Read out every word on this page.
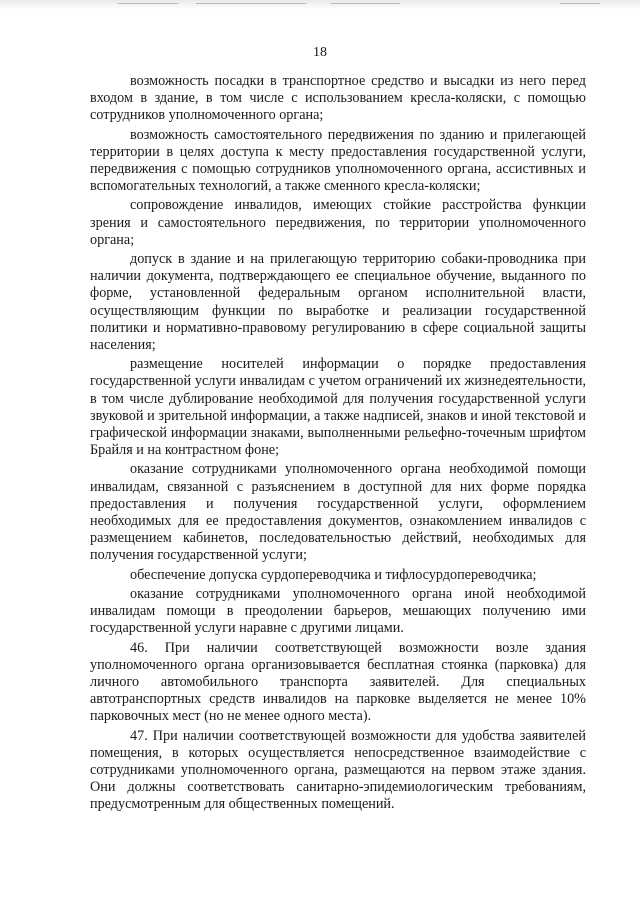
18

возможность посадки в транспортное средство и высадки из него перед входом в здание, в том числе с использованием кресла-коляски, с помощью сотрудников уполномоченного органа;

возможность самостоятельного передвижения по зданию и прилегающей территории в целях доступа к месту предоставления государственной услуги, передвижения с помощью сотрудников уполномоченного органа, ассистивных и вспомогательных технологий, а также сменного кресла-коляски;

сопровождение инвалидов, имеющих стойкие расстройства функции зрения и самостоятельного передвижения, по территории уполномоченного органа;

допуск в здание и на прилегающую территорию собаки-проводника при наличии документа, подтверждающего ее специальное обучение, выданного по форме, установленной федеральным органом исполнительной власти, осуществляющим функции по выработке и реализации государственной политики и нормативно-правовому регулированию в сфере социальной защиты населения;

размещение носителей информации о порядке предоставления государственной услуги инвалидам с учетом ограничений их жизнедеятельности, в том числе дублирование необходимой для получения государственной услуги звуковой и зрительной информации, а также надписей, знаков и иной текстовой и графической информации знаками, выполненными рельефно-точечным шрифтом Брайля и на контрастном фоне;

оказание сотрудниками уполномоченного органа необходимой помощи инвалидам, связанной с разъяснением в доступной для них форме порядка предоставления и получения государственной услуги, оформлением необходимых для ее предоставления документов, ознакомлением инвалидов с размещением кабинетов, последовательностью действий, необходимых для получения государственной услуги;

обеспечение допуска сурдопереводчика и тифлосурдопереводчика;

оказание сотрудниками уполномоченного органа иной необходимой инвалидам помощи в преодолении барьеров, мешающих получению ими государственной услуги наравне с другими лицами.

46. При наличии соответствующей возможности возле здания уполномоченного органа организовывается бесплатная стоянка (парковка) для личного автомобильного транспорта заявителей. Для специальных автотранспортных средств инвалидов на парковке выделяется не менее 10% парковочных мест (но не менее одного места).

47. При наличии соответствующей возможности для удобства заявителей помещения, в которых осуществляется непосредственное взаимодействие с сотрудниками уполномоченного органа, размещаются на первом этаже здания. Они должны соответствовать санитарно-эпидемиологическим требованиям, предусмотренным для общественных помещений.
